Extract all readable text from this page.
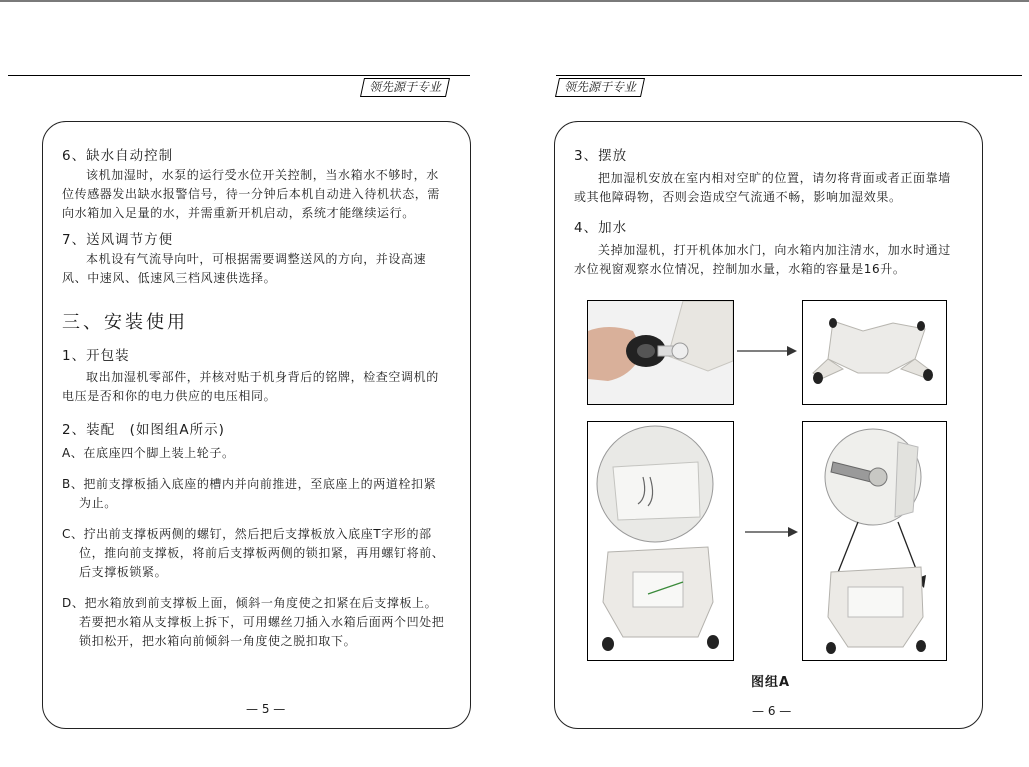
领先源于专业	领先源于专业

6、缺水自动控制

该机加湿时，水泵的运行受水位开关控制，当水箱水不够时，水位传感器发出缺水报警信号，待一分钟后本机自动进入待机状态，需向水箱加入足量的水，并需重新开机启动，系统才能继续运行。

7、送风调节方便

本机设有气流导向叶，可根据需要调整送风的方向，并设高速风、中速风、低速风三档风速供选择。

三、安装使用

1、开包装

取出加湿机零部件，并核对贴于机身背后的铭牌，检查空调机的电压是否和你的电力供应的电压相同。

2、装配　(如图组A所示)

A、在底座四个脚上装上轮子。

B、把前支撑板插入底座的槽内并向前推进，至底座上的两道栓扣紧为止。

C、拧出前支撑板两侧的螺钉，然后把后支撑板放入底座T字形的部位，推向前支撑板，将前后支撑板两侧的锁扣紧，再用螺钉将前、后支撑板锁紧。

D、把水箱放到前支撑板上面，倾斜一角度使之扣紧在后支撑板上。若要把水箱从支撑板上拆下，可用螺丝刀插入水箱后面两个凹处把锁扣松开，把水箱向前倾斜一角度使之脱扣取下。

— 5 —

3、摆放

把加湿机安放在室内相对空旷的位置，请勿将背面或者正面靠墙或其他障碍物，否则会造成空气流通不畅，影响加湿效果。

4、加水

关掉加湿机，打开机体加水门，向水箱内加注清水，加水时通过水位视窗观察水位情况，控制加水量，水箱的容量是16升。

图组A
— 6 —
